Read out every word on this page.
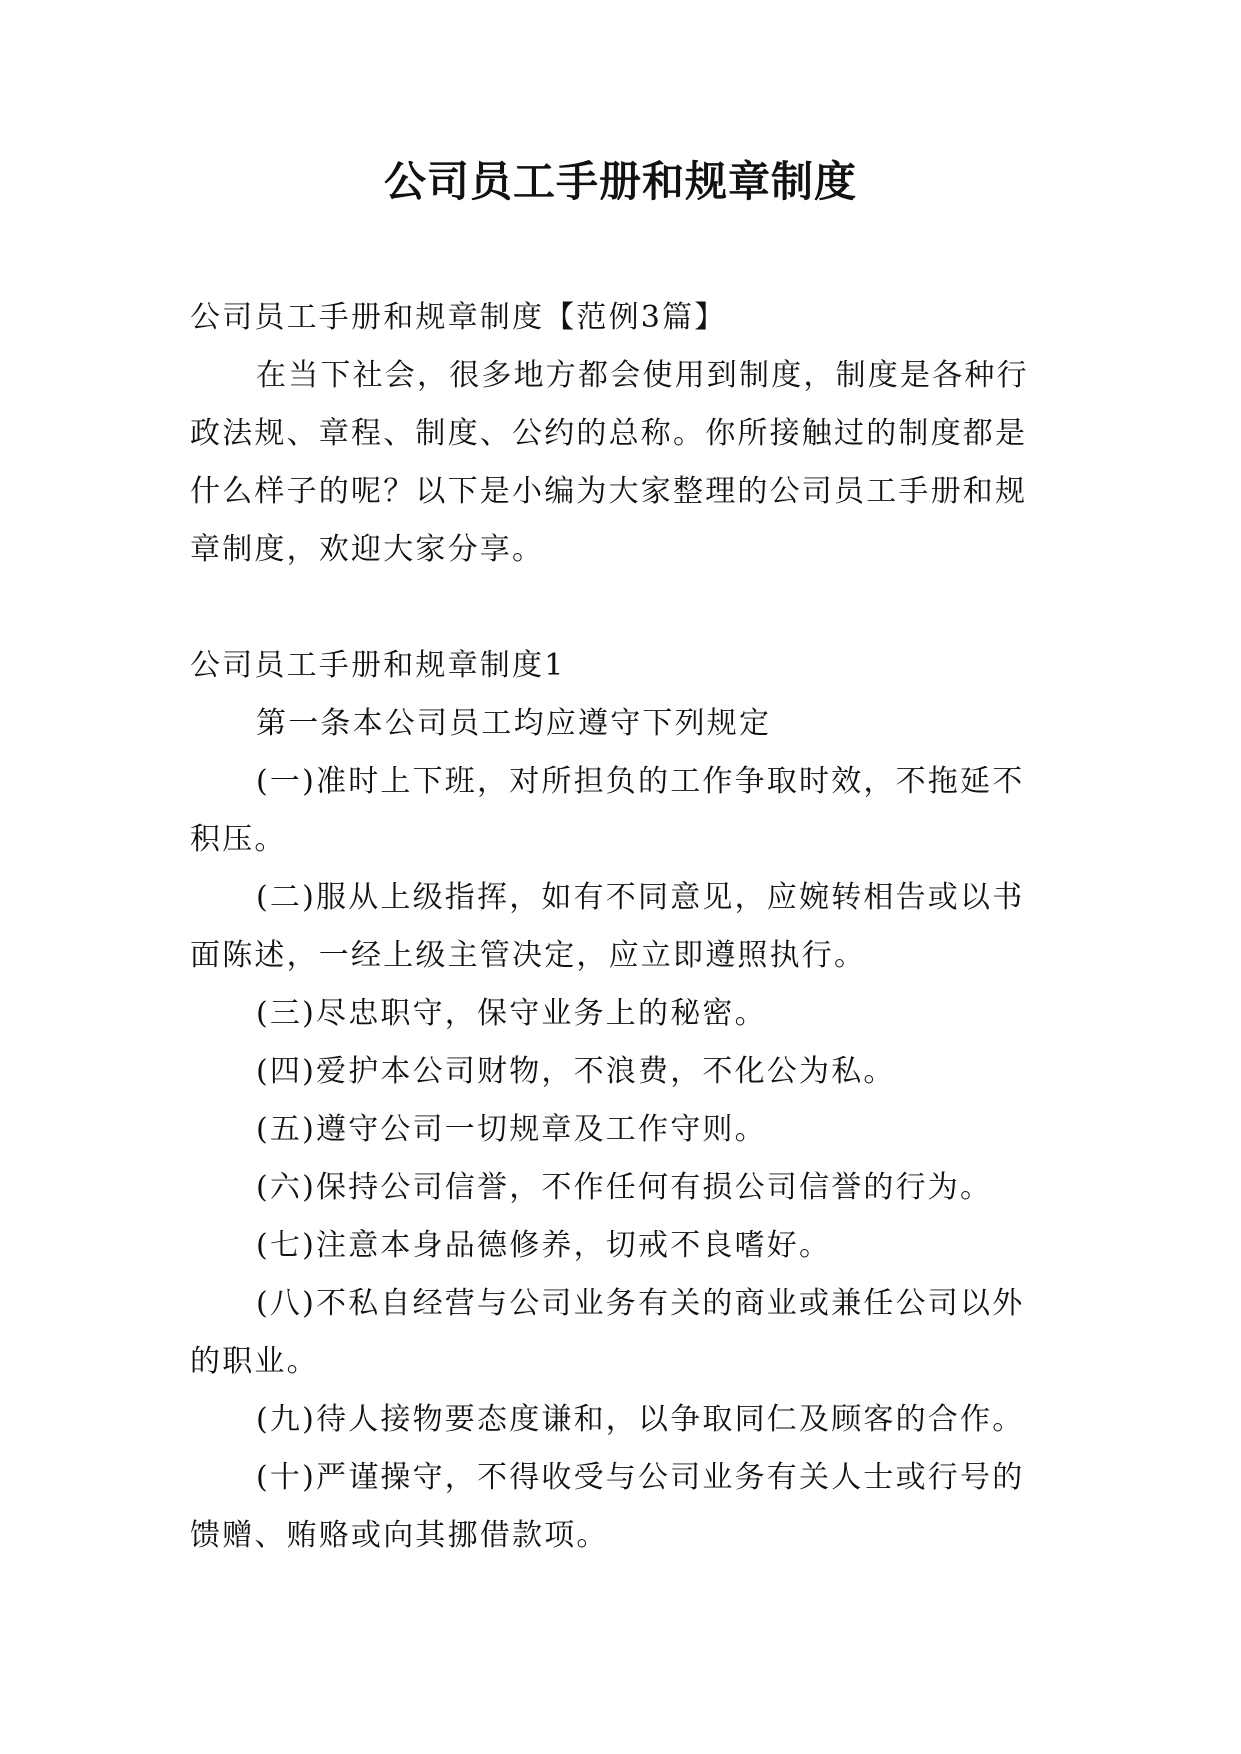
公司员工手册和规章制度

公司员工手册和规章制度【范例3篇】

在当下社会，很多地方都会使用到制度，制度是各种行政法规、章程、制度、公约的总称。你所接触过的制度都是什么样子的呢？以下是小编为大家整理的公司员工手册和规章制度，欢迎大家分享。

公司员工手册和规章制度1

第一条本公司员工均应遵守下列规定

(一)准时上下班，对所担负的工作争取时效，不拖延不积压。

(二)服从上级指挥，如有不同意见，应婉转相告或以书面陈述，一经上级主管决定，应立即遵照执行。

(三)尽忠职守，保守业务上的秘密。

(四)爱护本公司财物，不浪费，不化公为私。

(五)遵守公司一切规章及工作守则。

(六)保持公司信誉，不作任何有损公司信誉的行为。

(七)注意本身品德修养，切戒不良嗜好。

(八)不私自经营与公司业务有关的商业或兼任公司以外的职业。

(九)待人接物要态度谦和，以争取同仁及顾客的合作。

(十)严谨操守，不得收受与公司业务有关人士或行号的馈赠、贿赂或向其挪借款项。
